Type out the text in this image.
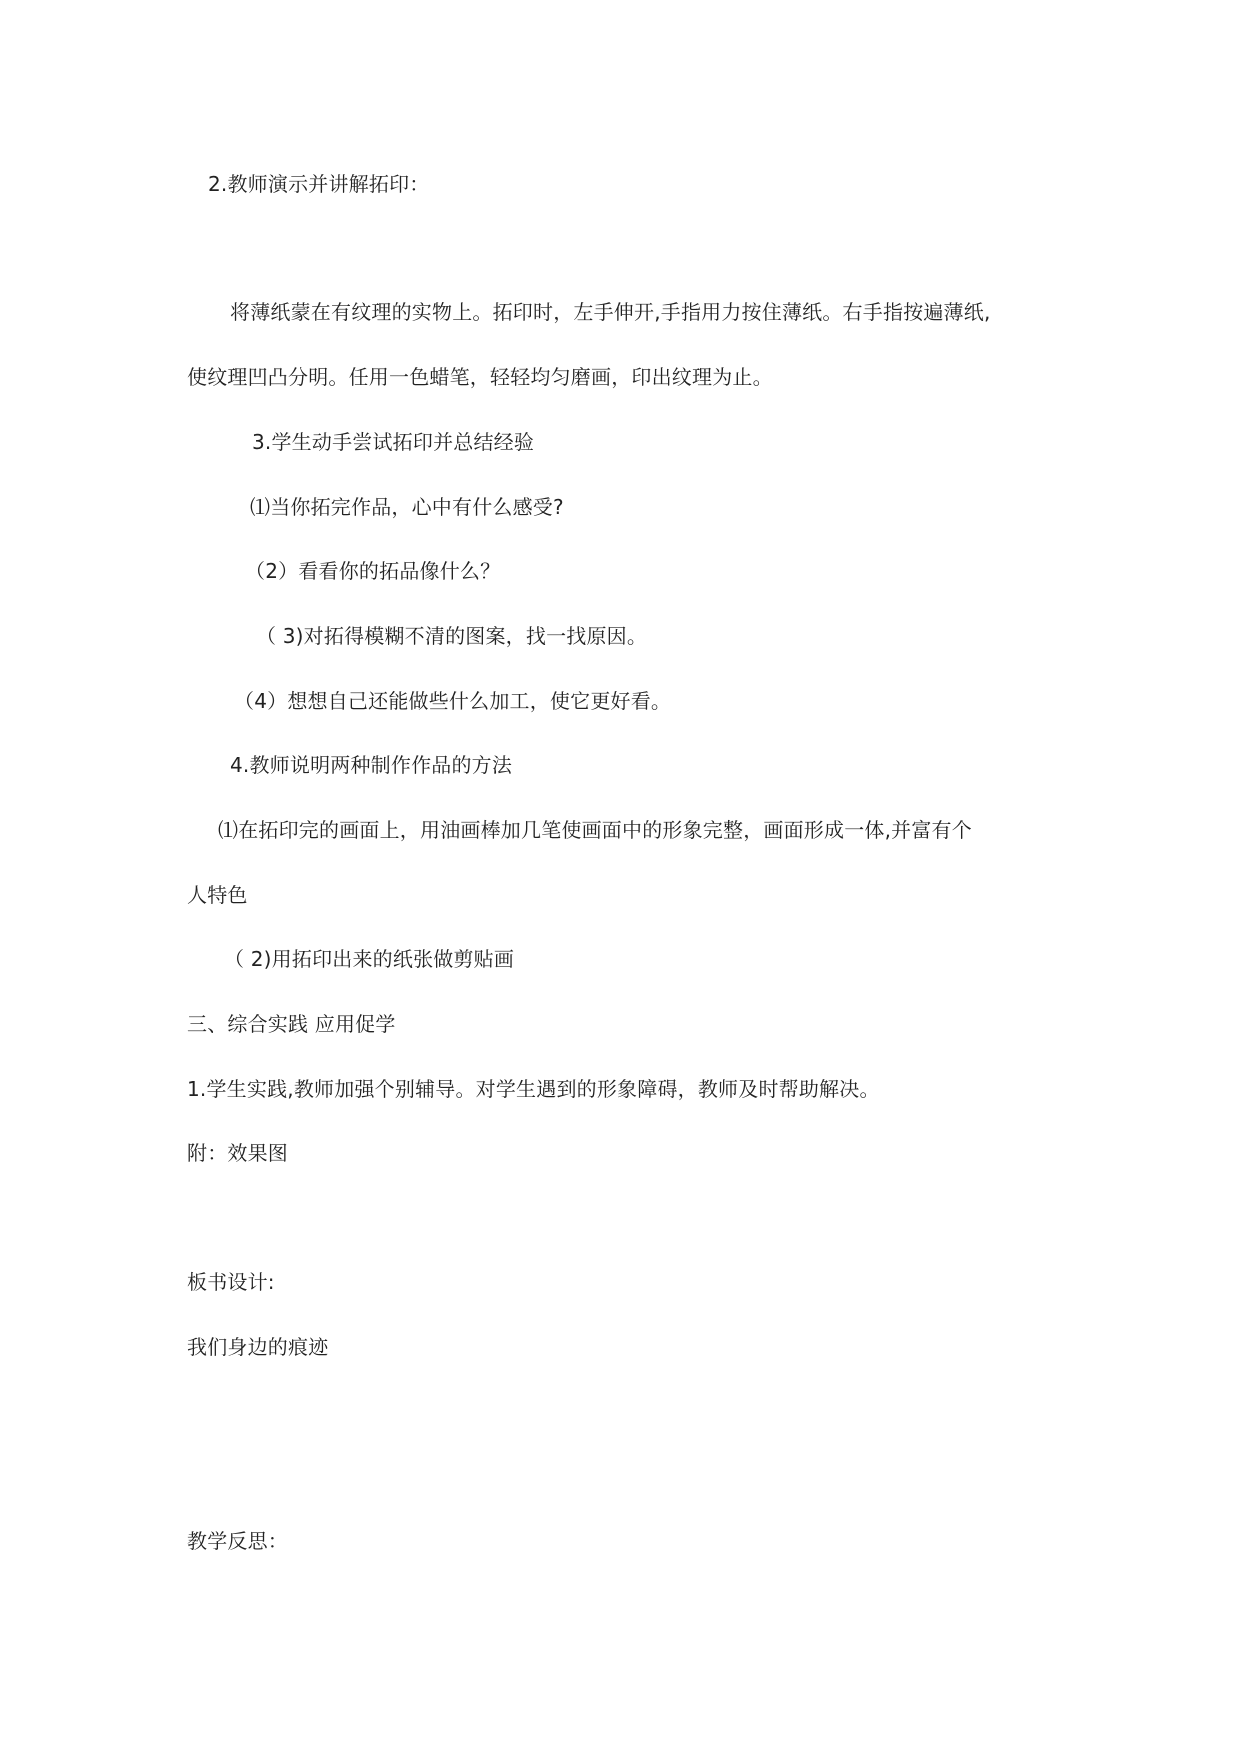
2.教师演示并讲解拓印：
将薄纸蒙在有纹理的实物上。拓印时，左手伸开,手指用力按住薄纸。右手指按遍薄纸,
使纹理凹凸分明。任用一色蜡笔，轻轻均匀磨画，印出纹理为止。
3.学生动手尝试拓印并总结经验
⑴当你拓完作品，心中有什么感受?
（2）看看你的拓品像什么？
（ 3)对拓得模糊不清的图案，找一找原因。
（4）想想自己还能做些什么加工，使它更好看。
4.教师说明两种制作作品的方法
⑴在拓印完的画面上，用油画棒加几笔使画面中的形象完整，画面形成一体,并富有个
人特色
（ 2)用拓印出来的纸张做剪贴画
三、综合实践 应用促学
1.学生实践,教师加强个别辅导。对学生遇到的形象障碍，教师及时帮助解决。
附：效果图
板书设计:
我们身边的痕迹
教学反思：
